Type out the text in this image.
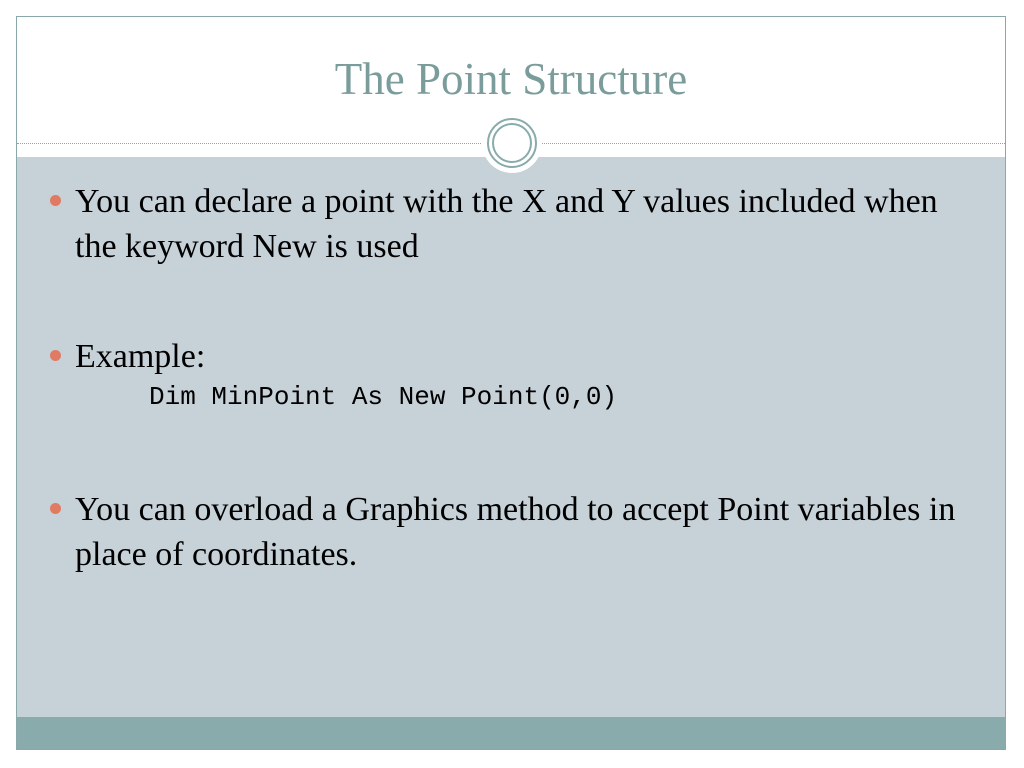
The Point Structure
You can declare a point with the X and Y values included when the keyword New is used
Example:
Dim MinPoint As New Point(0,0)
You can overload a Graphics method to accept Point variables in place of coordinates.
